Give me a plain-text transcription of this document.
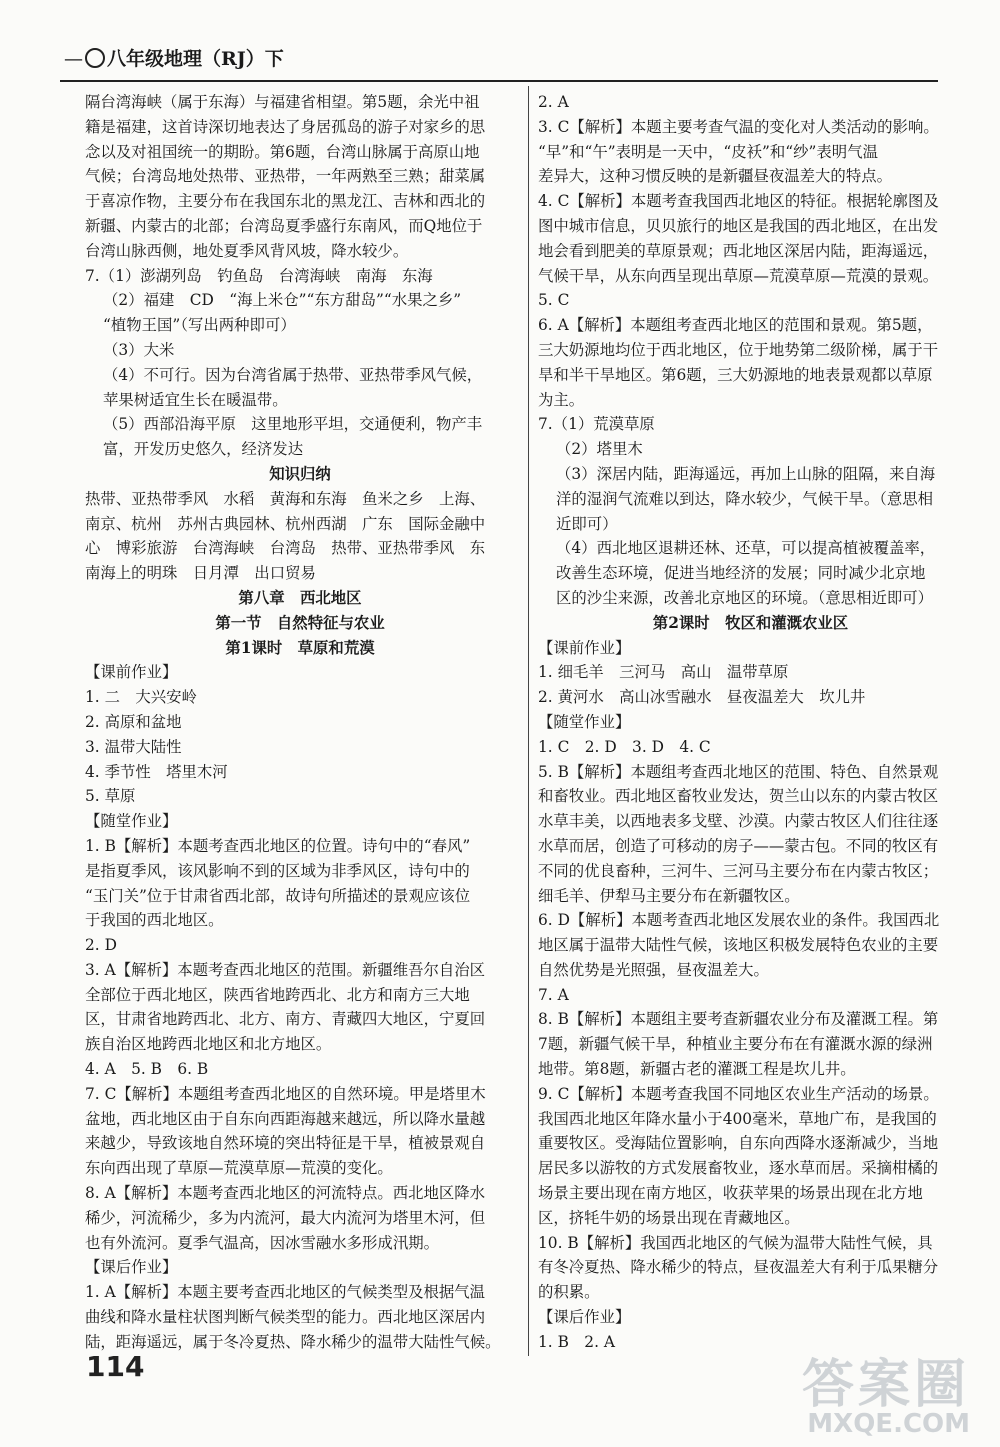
— 八年级地理（RJ）下

隔台湾海峡（属于东海）与福建省相望。第5题，余光中祖

籍是福建，这首诗深切地表达了身居孤岛的游子对家乡的思

念以及对祖国统一的期盼。第6题，台湾山脉属于高原山地

气候；台湾岛地处热带、亚热带，一年两熟至三熟；甜菜属

于喜凉作物，主要分布在我国东北的黑龙江、吉林和西北的

新疆、内蒙古的北部；台湾岛夏季盛行东南风，而Q地位于

台湾山脉西侧，地处夏季风背风坡，降水较少。

7.（1）澎湖列岛　钓鱼岛　台湾海峡　南海　东海

（2）福建　CD　“海上米仓”“东方甜岛”“水果之乡”

“植物王国”（写出两种即可）

（3）大米

（4）不可行。因为台湾省属于热带、亚热带季风气候，

苹果树适宜生长在暖温带。

（5）西部沿海平原　这里地形平坦，交通便利，物产丰

富，开发历史悠久，经济发达

知识归纳

热带、亚热带季风　水稻　黄海和东海　鱼米之乡　上海、

南京、杭州　苏州古典园林、杭州西湖　广东　国际金融中

心　博彩旅游　台湾海峡　台湾岛　热带、亚热带季风　东

南海上的明珠　日月潭　出口贸易

第八章　西北地区

第一节　自然特征与农业

第1课时　草原和荒漠

【课前作业】

1. 二　大兴安岭

2. 高原和盆地

3. 温带大陆性

4. 季节性　塔里木河

5. 草原

【随堂作业】

1. B【解析】本题考查西北地区的位置。诗句中的“春风”

是指夏季风，该风影响不到的区域为非季风区，诗句中的

“玉门关”位于甘肃省西北部，故诗句所描述的景观应该位

于我国的西北地区。

2. D

3. A【解析】本题考查西北地区的范围。新疆维吾尔自治区

全部位于西北地区，陕西省地跨西北、北方和南方三大地

区，甘肃省地跨西北、北方、南方、青藏四大地区，宁夏回

族自治区地跨西北地区和北方地区。

4. A　5. B　6. B

7. C【解析】本题组考查西北地区的自然环境。甲是塔里木

盆地，西北地区由于自东向西距海越来越远，所以降水量越

来越少，导致该地自然环境的突出特征是干旱，植被景观自

东向西出现了草原—荒漠草原—荒漠的变化。

8. A【解析】本题考查西北地区的河流特点。西北地区降水

稀少，河流稀少，多为内流河，最大内流河为塔里木河，但

也有外流河。夏季气温高，因冰雪融水多形成汛期。

【课后作业】

1. A【解析】本题主要考查西北地区的气候类型及根据气温

曲线和降水量柱状图判断气候类型的能力。西北地区深居内

陆，距海遥远，属于冬冷夏热、降水稀少的温带大陆性气候。

2. A

3. C【解析】本题主要考查气温的变化对人类活动的影响。

“早”和“午”表明是一天中，“皮袄”和“纱”表明气温

差异大，这种习惯反映的是新疆昼夜温差大的特点。

4. C【解析】本题考查我国西北地区的特征。根据轮廓图及

图中城市信息，贝贝旅行的地区是我国的西北地区，在出发

地会看到肥美的草原景观；西北地区深居内陆，距海遥远，

气候干旱，从东向西呈现出草原—荒漠草原—荒漠的景观。

5. C

6. A【解析】本题组考查西北地区的范围和景观。第5题，

三大奶源地均位于西北地区，位于地势第二级阶梯，属于干

旱和半干旱地区。第6题，三大奶源地的地表景观都以草原

为主。

7.（1）荒漠草原

（2）塔里木

（3）深居内陆，距海遥远，再加上山脉的阻隔，来自海

洋的湿润气流难以到达，降水较少，气候干旱。（意思相

近即可）

（4）西北地区退耕还林、还草，可以提高植被覆盖率，

改善生态环境，促进当地经济的发展；同时减少北京地

区的沙尘来源，改善北京地区的环境。（意思相近即可）

第2课时　牧区和灌溉农业区

【课前作业】

1. 细毛羊　三河马　高山　温带草原

2. 黄河水　高山冰雪融水　昼夜温差大　坎儿井

【随堂作业】

1. C　2. D　3. D　4. C

5. B【解析】本题组考查西北地区的范围、特色、自然景观

和畜牧业。西北地区畜牧业发达，贺兰山以东的内蒙古牧区

水草丰美，以西地表多戈壁、沙漠。内蒙古牧区人们往往逐

水草而居，创造了可移动的房子——蒙古包。不同的牧区有

不同的优良畜种，三河牛、三河马主要分布在内蒙古牧区；

细毛羊、伊犁马主要分布在新疆牧区。

6. D【解析】本题考查西北地区发展农业的条件。我国西北

地区属于温带大陆性气候，该地区积极发展特色农业的主要

自然优势是光照强，昼夜温差大。

7. A

8. B【解析】本题组主要考查新疆农业分布及灌溉工程。第

7题，新疆气候干旱，种植业主要分布在有灌溉水源的绿洲

地带。第8题，新疆古老的灌溉工程是坎儿井。

9. C【解析】本题考查我国不同地区农业生产活动的场景。

我国西北地区年降水量小于400毫米，草地广布，是我国的

重要牧区。受海陆位置影响，自东向西降水逐渐减少，当地

居民多以游牧的方式发展畜牧业，逐水草而居。采摘柑橘的

场景主要出现在南方地区，收获苹果的场景出现在北方地

区，挤牦牛奶的场景出现在青藏地区。

10. B【解析】我国西北地区的气候为温带大陆性气候，具

有冬冷夏热、降水稀少的特点，昼夜温差大有利于瓜果糖分

的积累。

【课后作业】

1. B　2. A

114	答案圈
MXQE.COM
